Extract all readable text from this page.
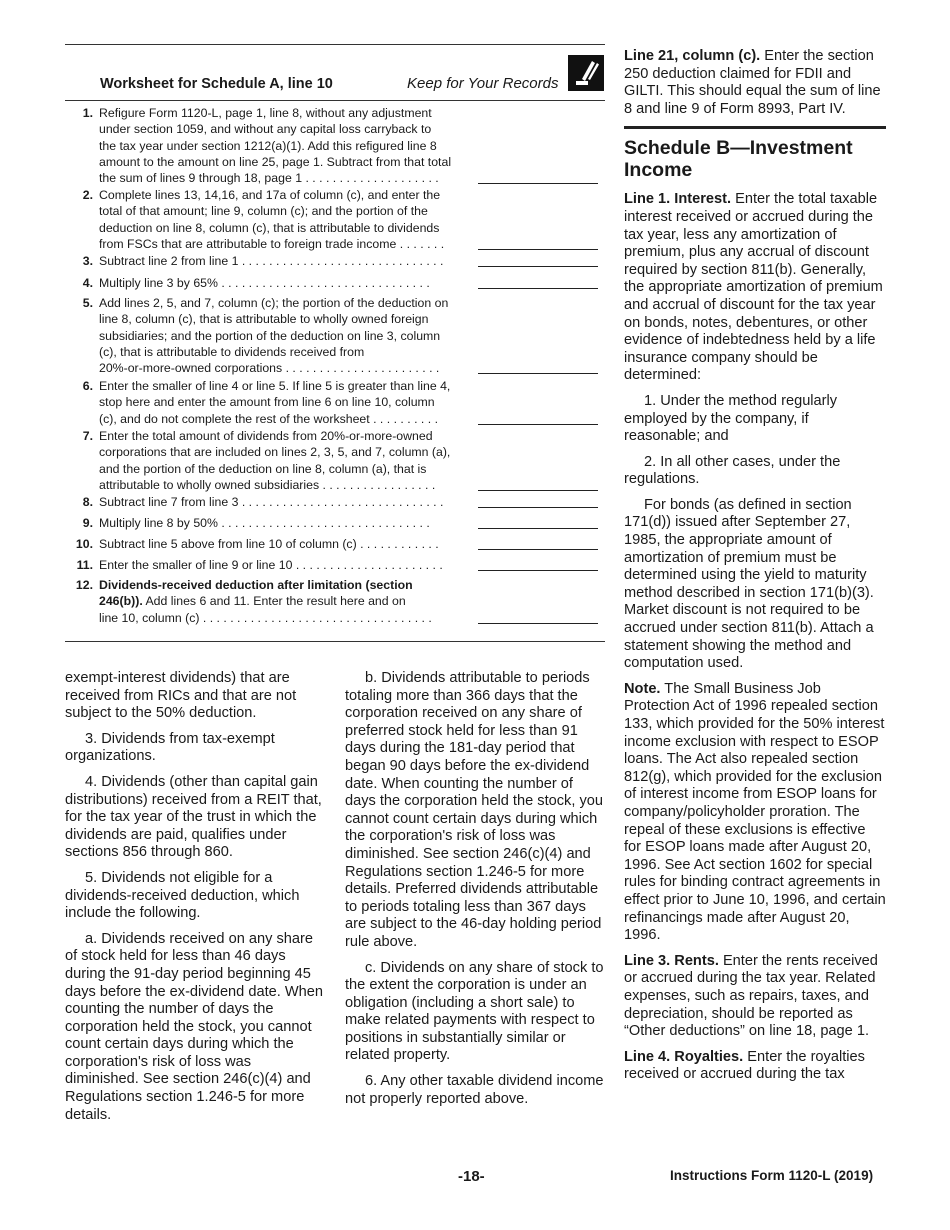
Worksheet for Schedule A, line 10	Keep for Your Records
1. Refigure Form 1120-L, page 1, line 8, without any adjustment
under section 1059, and without any capital loss carryback to
the tax year under section 1212(a)(1). Add this refigured line 8
amount to the amount on line 25, page 1. Subtract from that total
the sum of lines 9 through 18, page 1 . . . . . . . . . . . . . . . . . . . .
2. Complete lines 13, 14,16, and 17a of column (c), and enter the
total of that amount; line 9, column (c); and the portion of the
deduction on line 8, column (c), that is attributable to dividends
from FSCs that are attributable to foreign trade income . . . . . . .
3. Subtract line 2 from line 1 . . . . . . . . . . . . . . . . . . . . . . . . . . . . . .
4. Multiply line 3 by 65% . . . . . . . . . . . . . . . . . . . . . . . . . . . . . . .
5. Add lines 2, 5, and 7, column (c); the portion of the deduction on
line 8, column (c), that is attributable to wholly owned foreign
subsidiaries; and the portion of the deduction on line 3, column
(c), that is attributable to dividends received from
20%-or-more-owned corporations . . . . . . . . . . . . . . . . . . . . . . .
6. Enter the smaller of line 4 or line 5. If line 5 is greater than line 4,
stop here and enter the amount from line 6 on line 10, column
(c), and do not complete the rest of the worksheet . . . . . . . . . .
7. Enter the total amount of dividends from 20%-or-more-owned
corporations that are included on lines 2, 3, 5, and 7, column (a),
and the portion of the deduction on line 8, column (a), that is
attributable to wholly owned subsidiaries . . . . . . . . . . . . . . . . .
8. Subtract line 7 from line 3 . . . . . . . . . . . . . . . . . . . . . . . . . . . . . .
9. Multiply line 8 by 50% . . . . . . . . . . . . . . . . . . . . . . . . . . . . . . .
10. Subtract line 5 above from line 10 of column (c) . . . . . . . . . . . .
11. Enter the smaller of line 9 or line 10 . . . . . . . . . . . . . . . . . . . . . .
12. Dividends-received deduction after limitation (section
246(b)). Add lines 6 and 11. Enter the result here and on
line 10, column (c) . . . . . . . . . . . . . . . . . . . . . . . . . . . . . . . . . .

exempt-interest dividends) that are received from RICs and that are not subject to the 50% deduction.

3. Dividends from tax-exempt organizations.

4. Dividends (other than capital gain distributions) received from a REIT that, for the tax year of the trust in which the dividends are paid, qualifies under sections 856 through 860.

5. Dividends not eligible for a dividends-received deduction, which include the following.

a. Dividends received on any share of stock held for less than 46 days during the 91-day period beginning 45 days before the ex-dividend date. When counting the number of days the corporation held the stock, you cannot count certain days during which the corporation's risk of loss was diminished. See section 246(c)(4) and Regulations section 1.246-5 for more details.

b. Dividends attributable to periods totaling more than 366 days that the corporation received on any share of preferred stock held for less than 91 days during the 181-day period that began 90 days before the ex-dividend date. When counting the number of days the corporation held the stock, you cannot count certain days during which the corporation's risk of loss was diminished. See section 246(c)(4) and Regulations section 1.246-5 for more details. Preferred dividends attributable to periods totaling less than 367 days are subject to the 46-day holding period rule above.

c. Dividends on any share of stock to the extent the corporation is under an obligation (including a short sale) to make related payments with respect to positions in substantially similar or related property.

6. Any other taxable dividend income not properly reported above.

Line 21, column (c). Enter the section 250 deduction claimed for FDII and GILTI. This should equal the sum of line 8 and line 9 of Form 8993, Part IV.

Schedule B—Investment Income

Line 1. Interest. Enter the total taxable interest received or accrued during the tax year, less any amortization of premium, plus any accrual of discount required by section 811(b). Generally, the appropriate amortization of premium and accrual of discount for the tax year on bonds, notes, debentures, or other evidence of indebtedness held by a life insurance company should be determined:

1. Under the method regularly employed by the company, if reasonable; and

2. In all other cases, under the regulations.

For bonds (as defined in section 171(d)) issued after September 27, 1985, the appropriate amount of amortization of premium must be determined using the yield to maturity method described in section 171(b)(3). Market discount is not required to be accrued under section 811(b). Attach a statement showing the method and computation used.

Note. The Small Business Job Protection Act of 1996 repealed section 133, which provided for the 50% interest income exclusion with respect to ESOP loans. The Act also repealed section 812(g), which provided for the exclusion of interest income from ESOP loans for company/policyholder proration. The repeal of these exclusions is effective for ESOP loans made after August 20, 1996. See Act section 1602 for special rules for binding contract agreements in effect prior to June 10, 1996, and certain refinancings made after August 20, 1996.

Line 3. Rents. Enter the rents received or accrued during the tax year. Related expenses, such as repairs, taxes, and depreciation, should be reported as “Other deductions” on line 18, page 1.

Line 4. Royalties. Enter the royalties received or accrued during the tax

-18-	Instructions Form 1120-L (2019)
